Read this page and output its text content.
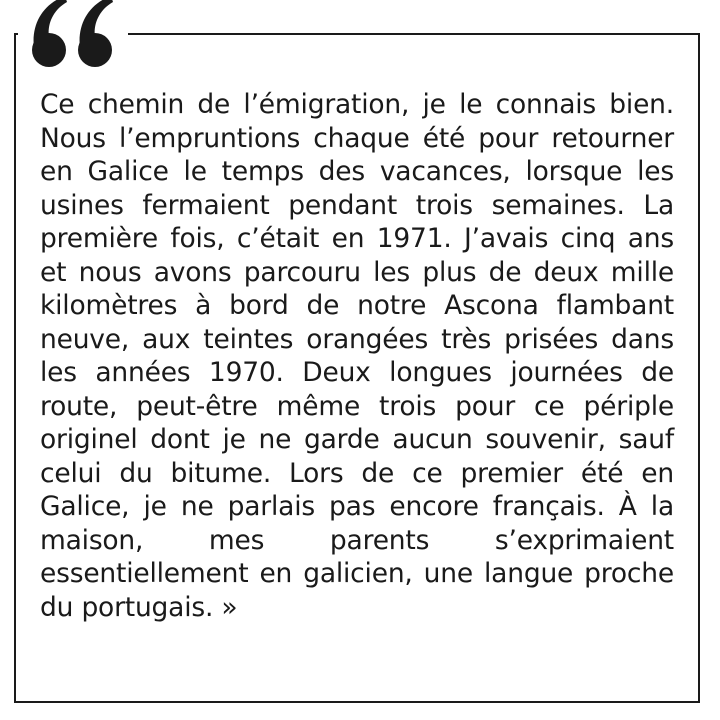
Ce chemin de l’émigration, je le connais bien. Nous l’empruntions chaque été pour retourner en Galice le temps des vacances, lorsque les usines fermaient pendant trois semaines. La première fois, c’était en 1971. J’avais cinq ans et nous avons parcouru les plus de deux mille kilomètres à bord de notre Ascona flambant neuve, aux teintes orangées très prisées dans les années 1970. Deux longues journées de route, peut-être même trois pour ce périple originel dont je ne garde aucun souvenir, sauf celui du bitume. Lors de ce premier été en Galice, je ne parlais pas encore français. À la maison, mes parents s’exprimaient essentiellement en galicien, une langue proche du portugais. »
